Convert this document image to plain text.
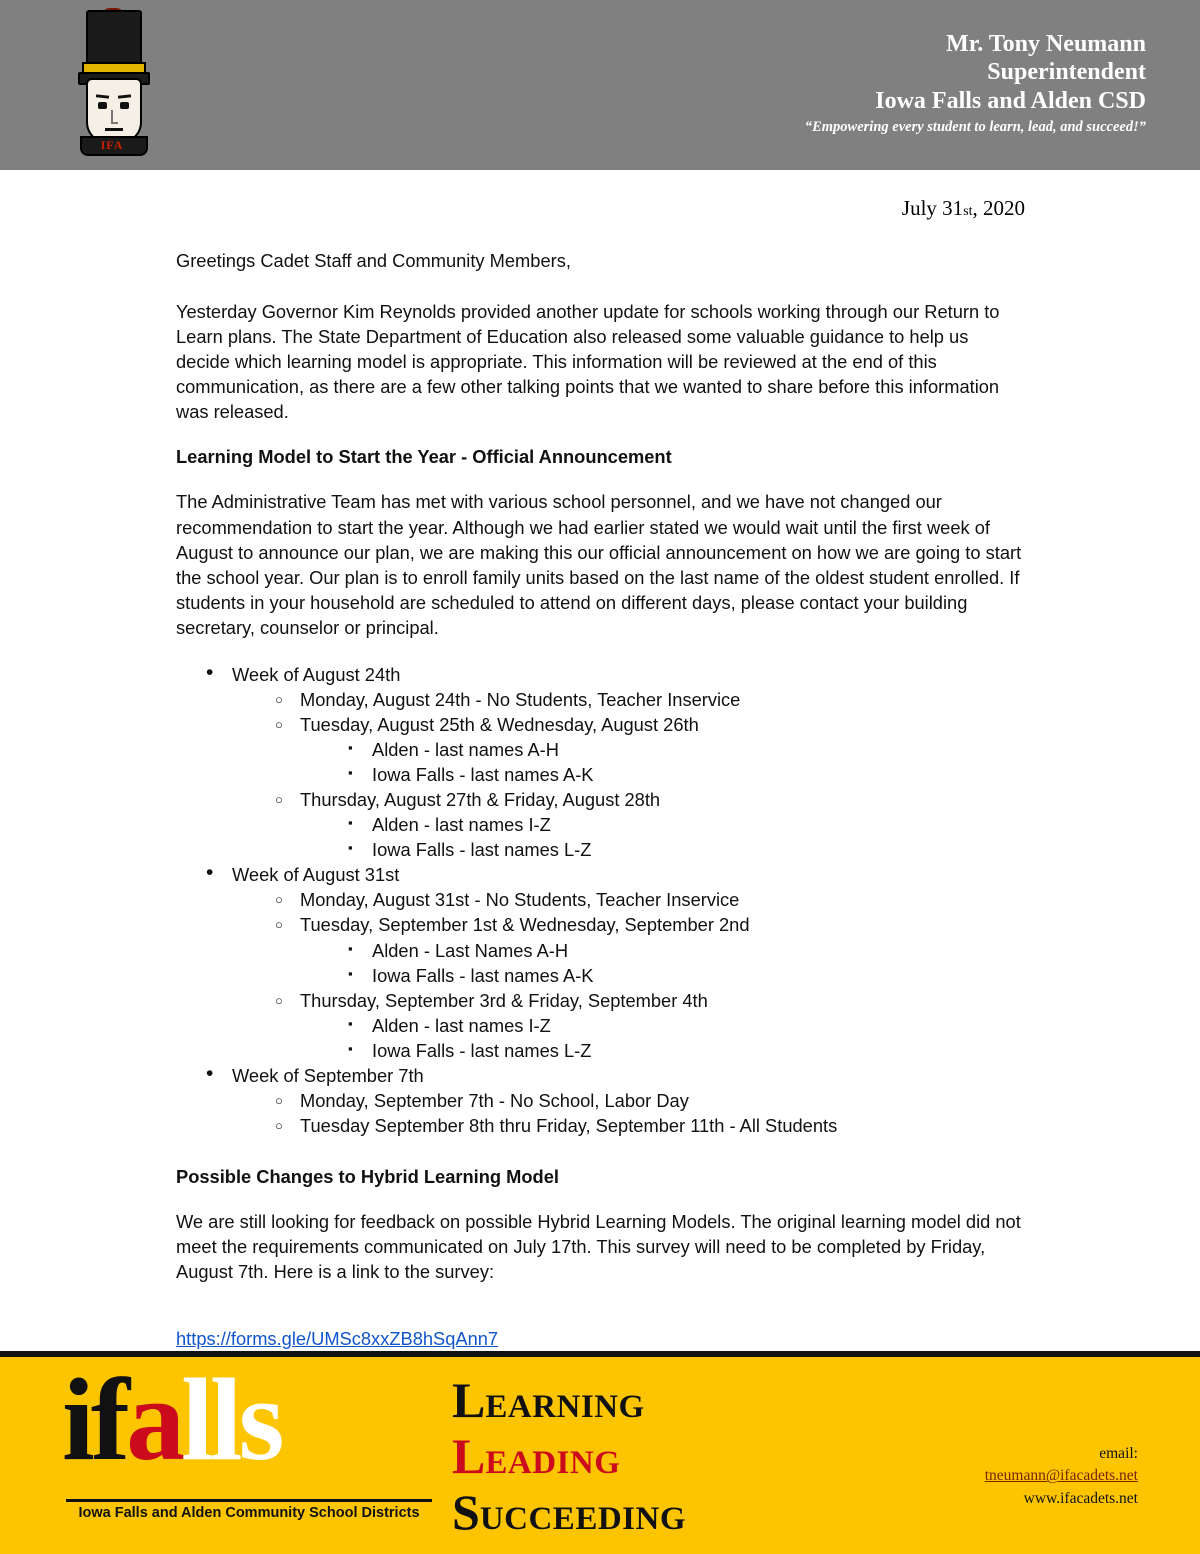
IFA
Mr. Tony Neumann
Superintendent
Iowa Falls and Alden CSD
“Empowering every student to learn, lead, and succeed!”
July 31st, 2020

Greetings Cadet Staff and Community Members,

Yesterday Governor Kim Reynolds provided another update for schools working through our Return to Learn plans. The State Department of Education also released some valuable guidance to help us decide which learning model is appropriate. This information will be reviewed at the end of this communication, as there are a few other talking points that we wanted to share before this information was released.

Learning Model to Start the Year - Official Announcement

The Administrative Team has met with various school personnel, and we have not changed our recommendation to start the year. Although we had earlier stated we would wait until the first week of August to announce our plan, we are making this our official announcement on how we are going to start the school year. Our plan is to enroll family units based on the last name of the oldest student enrolled. If students in your household are scheduled to attend on different days, please contact your building secretary, counselor or principal.

• Week of August 24th
○ Monday, August 24th - No Students, Teacher Inservice
○ Tuesday, August 25th & Wednesday, August 26th
▪ Alden - last names A-H
▪ Iowa Falls - last names A-K
○ Thursday, August 27th & Friday, August 28th
▪ Alden - last names I-Z
▪ Iowa Falls - last names L-Z
• Week of August 31st
○ Monday, August 31st - No Students, Teacher Inservice
○ Tuesday, September 1st & Wednesday, September 2nd
▪ Alden - Last Names A-H
▪ Iowa Falls - last names A-K
○ Thursday, September 3rd & Friday, September 4th
▪ Alden - last names I-Z
▪ Iowa Falls - last names L-Z
• Week of September 7th
○ Monday, September 7th - No School, Labor Day
○ Tuesday September 8th thru Friday, September 11th - All Students

Possible Changes to Hybrid Learning Model

We are still looking for feedback on possible Hybrid Learning Models. The original learning model did not meet the requirements communicated on July 17th. This survey will need to be completed by Friday, August 7th. Here is a link to the survey:

https://forms.gle/UMSc8xxZB8hSqAnn7
ifalls
Iowa Falls and Alden Community School Districts
LEARNING
LEADING
SUCCEEDING
email:
tneumann@ifacadets.net
www.ifacadets.net
